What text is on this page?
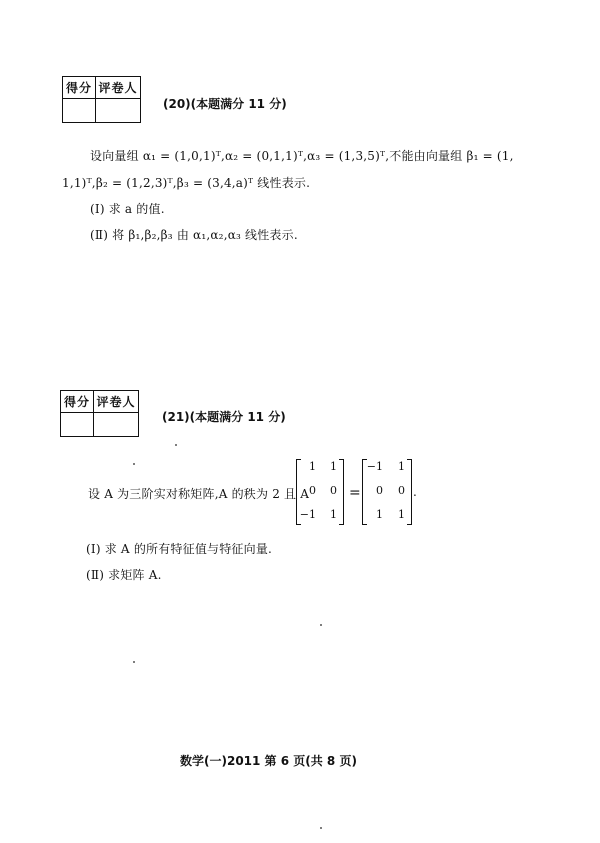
得分	评卷人

(20)(本题满分 11 分)
设向量组 α₁ = (1,0,1)ᵀ,α₂ = (0,1,1)ᵀ,α₃ = (1,3,5)ᵀ,不能由向量组 β₁ = (1,
1,1)ᵀ,β₂ = (1,2,3)ᵀ,β₃ = (3,4,a)ᵀ 线性表示.
(Ⅰ) 求 a 的值.
(Ⅱ) 将 β₁,β₂,β₃ 由 α₁,α₂,α₃ 线性表示.
得分	评卷人

(21)(本题满分 11 分)
设 A 为三阶实对称矩阵,A 的秩为 2 且 A
1	1
0	0
−1	1
=
−1	1
0	0
1	1
.
(Ⅰ) 求 A 的所有特征值与特征向量.
(Ⅱ) 求矩阵 A.
数学(一)2011 第 6 页(共 8 页)
